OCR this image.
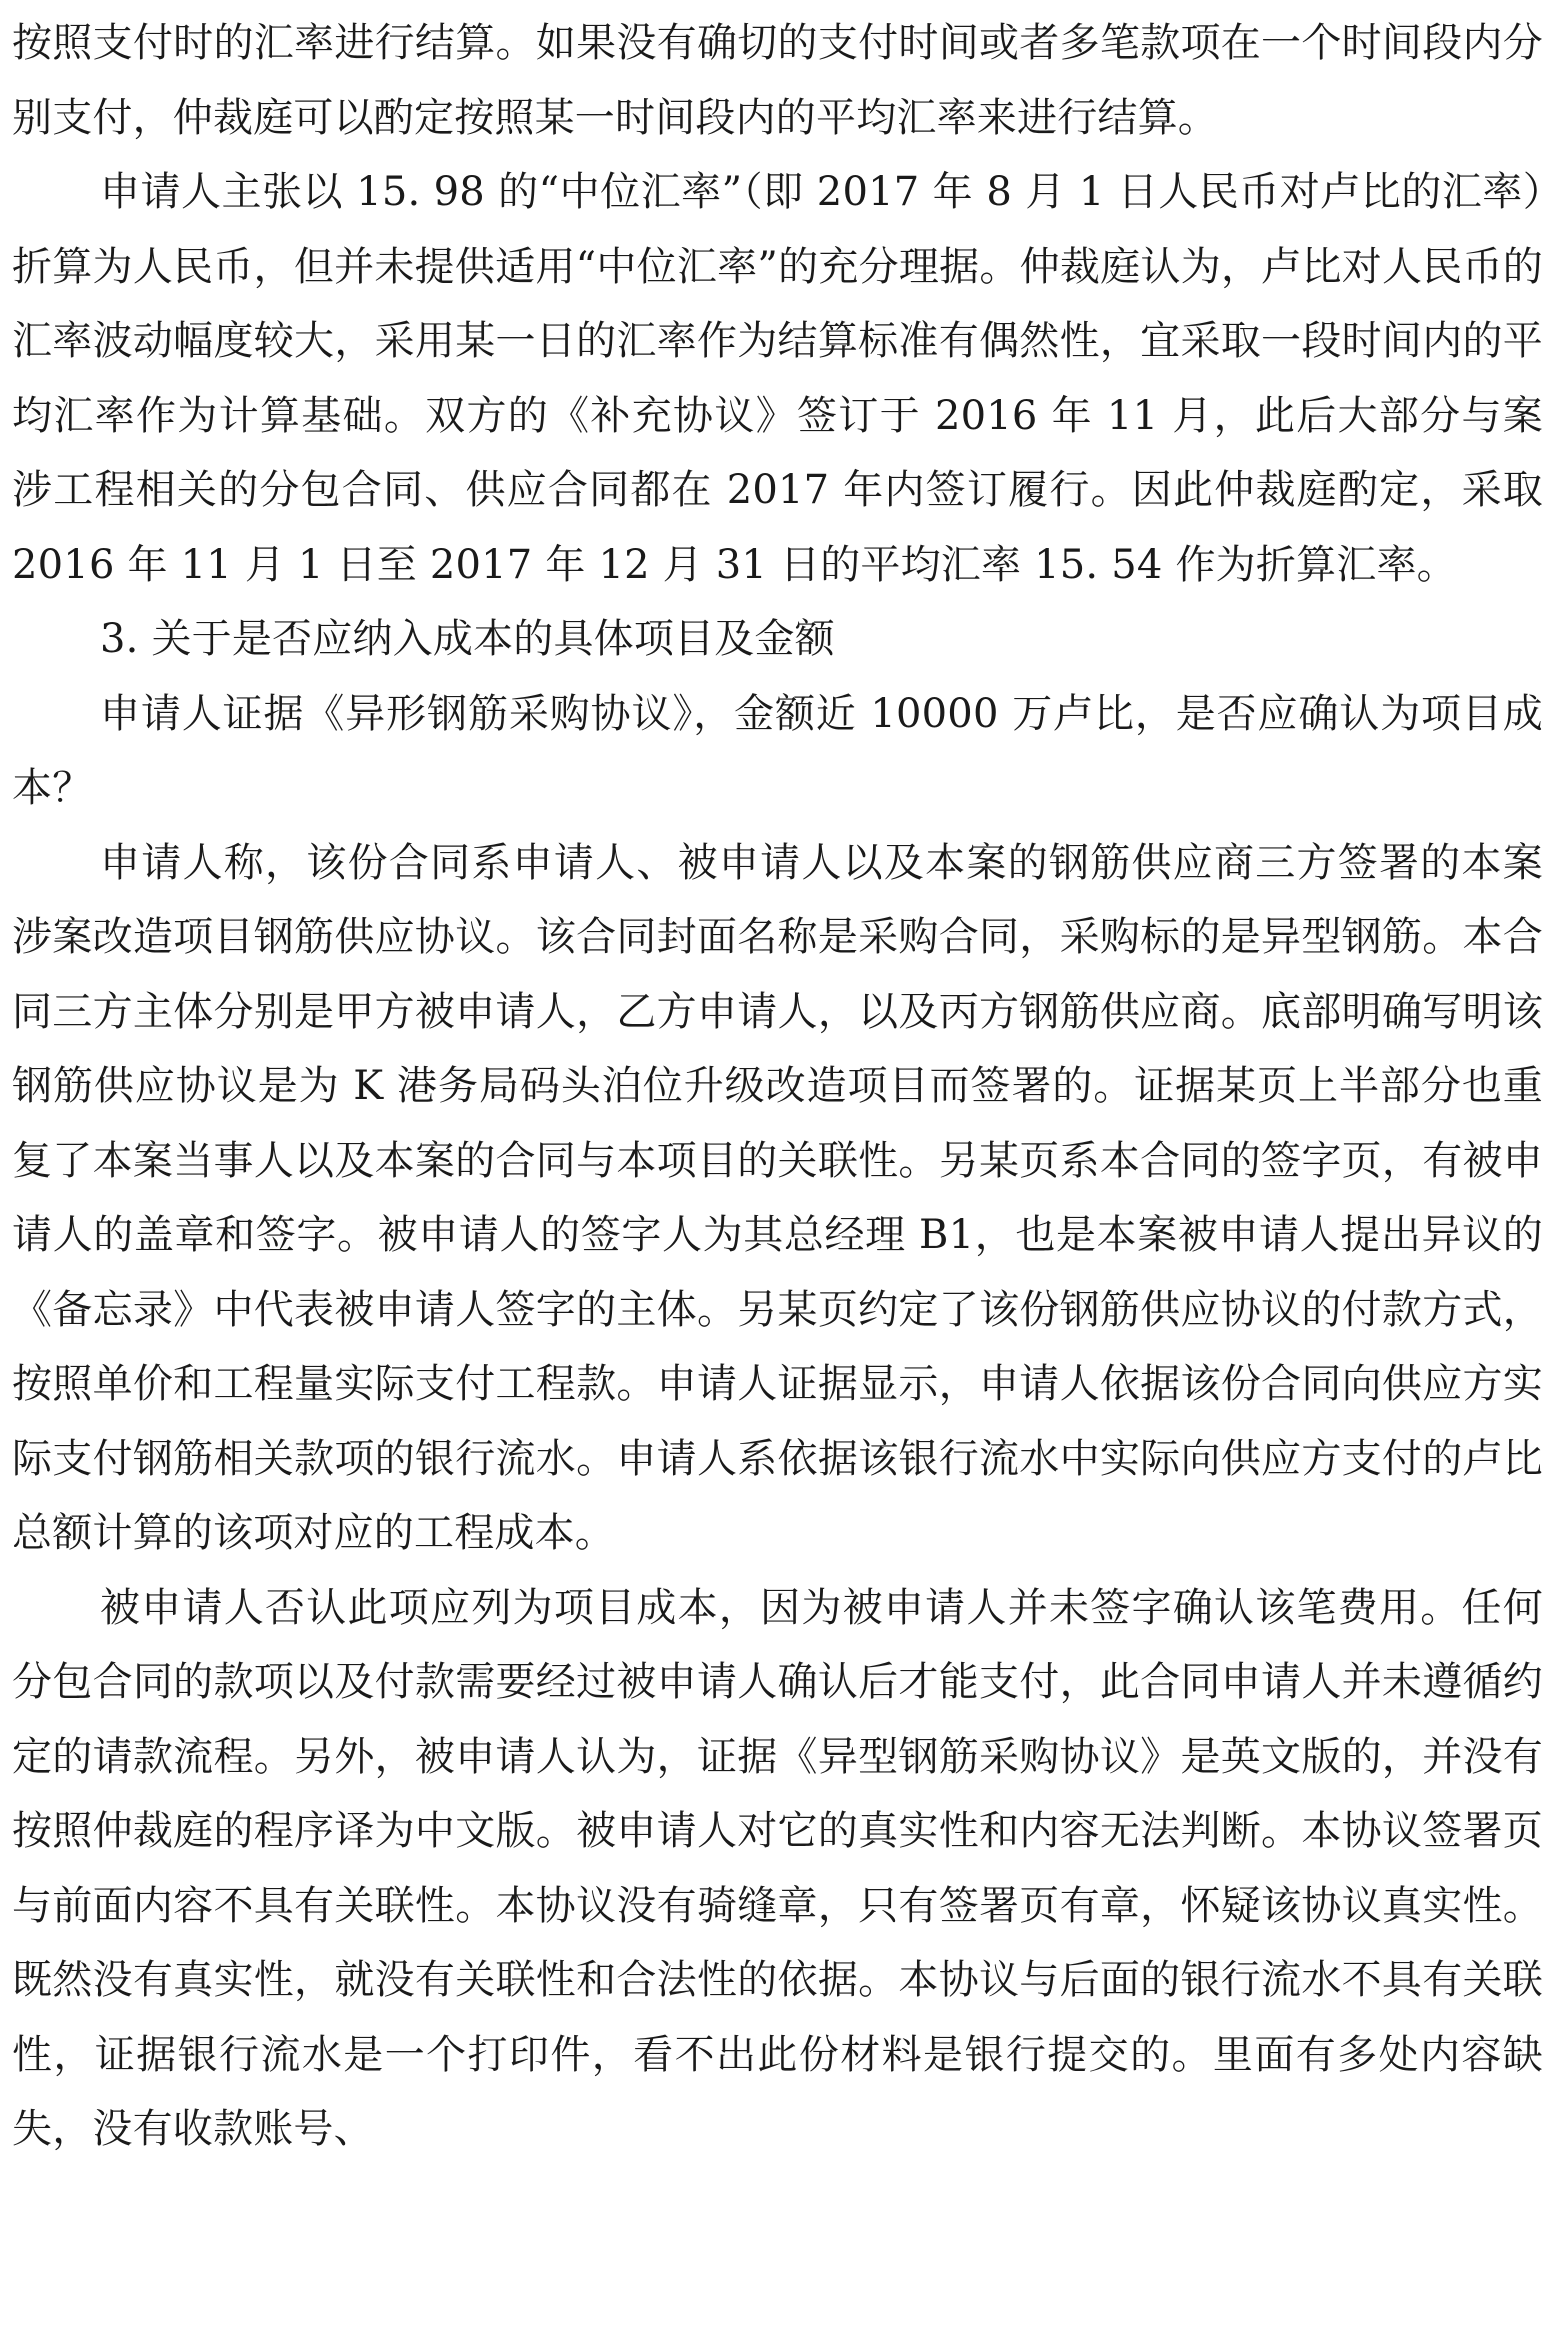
按照支付时的汇率进行结算。如果没有确切的支付时间或者多笔款项在一个时间段内分别支付，仲裁庭可以酌定按照某一时间段内的平均汇率来进行结算。

申请人主张以 15. 98 的“中位汇率”（即 2017 年 8 月 1 日人民币对卢比的汇率）折算为人民币，但并未提供适用“中位汇率”的充分理据。仲裁庭认为，卢比对人民币的汇率波动幅度较大，采用某一日的汇率作为结算标准有偶然性，宜采取一段时间内的平均汇率作为计算基础。双方的《补充协议》签订于 2016 年 11 月，此后大部分与案涉工程相关的分包合同、供应合同都在 2017 年内签订履行。因此仲裁庭酌定，采取 2016 年 11 月 1 日至 2017 年 12 月 31 日的平均汇率 15. 54 作为折算汇率。

3. 关于是否应纳入成本的具体项目及金额

申请人证据《异形钢筋采购协议》，金额近 10000 万卢比，是否应确认为项目成本？

申请人称，该份合同系申请人、被申请人以及本案的钢筋供应商三方签署的本案涉案改造项目钢筋供应协议。该合同封面名称是采购合同，采购标的是异型钢筋。本合同三方主体分别是甲方被申请人，乙方申请人，以及丙方钢筋供应商。底部明确写明该钢筋供应协议是为 K 港务局码头泊位升级改造项目而签署的。证据某页上半部分也重复了本案当事人以及本案的合同与本项目的关联性。另某页系本合同的签字页，有被申请人的盖章和签字。被申请人的签字人为其总经理 B1，也是本案被申请人提出异议的《备忘录》中代表被申请人签字的主体。另某页约定了该份钢筋供应协议的付款方式，按照单价和工程量实际支付工程款。申请人证据显示，申请人依据该份合同向供应方实际支付钢筋相关款项的银行流水。申请人系依据该银行流水中实际向供应方支付的卢比总额计算的该项对应的工程成本。

被申请人否认此项应列为项目成本，因为被申请人并未签字确认该笔费用。任何分包合同的款项以及付款需要经过被申请人确认后才能支付，此合同申请人并未遵循约定的请款流程。另外，被申请人认为，证据《异型钢筋采购协议》是英文版的，并没有按照仲裁庭的程序译为中文版。被申请人对它的真实性和内容无法判断。本协议签署页与前面内容不具有关联性。本协议没有骑缝章，只有签署页有章，怀疑该协议真实性。既然没有真实性，就没有关联性和合法性的依据。本协议与后面的银行流水不具有关联性，证据银行流水是一个打印件，看不出此份材料是银行提交的。里面有多处内容缺失，没有收款账号、
